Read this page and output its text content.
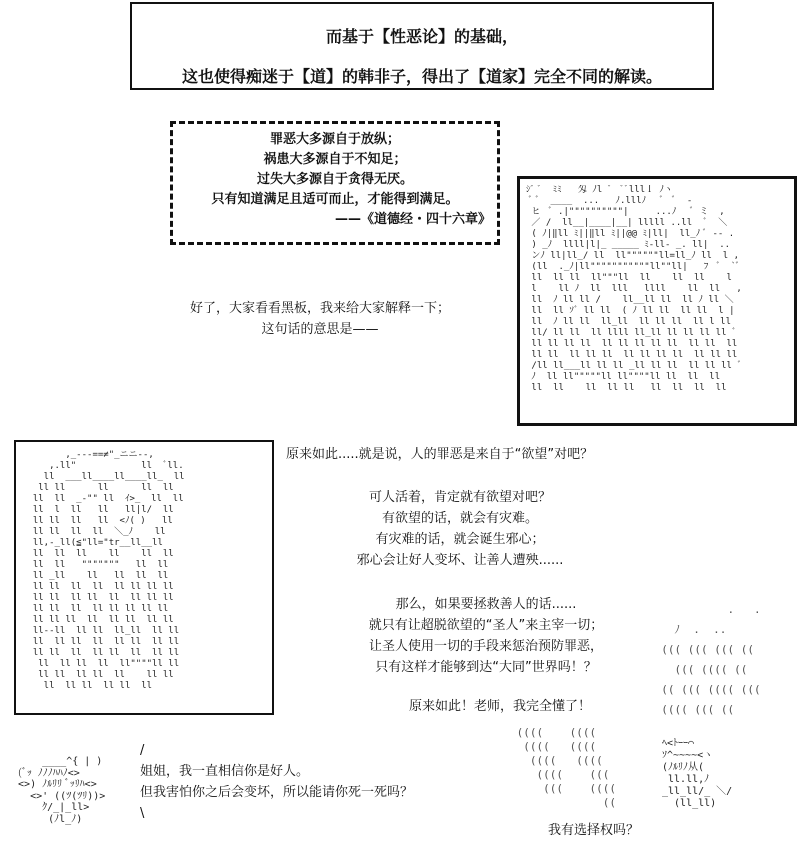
而基于【性恶论】的基础，
这也使得痴迷于【道】的韩非子，得出了【道家】完全不同的解读。
罪恶大多源自于放纵；
祸患大多源自于不知足；
过失大多源自于贪得无厌。
只有知道满足且适可而止，才能得到满足。
——《道德经・四十六章》
好了，大家看看黑板，我来给大家解释一下；
这句话的意思是——
ｼﾞ ﾞ  ﾐﾐ   匁 ﾉl ﾞ  ﾞﾞlllｌ ﾉヽ
ﾞ ﾞ  ____  ...   ﾉ.lllﾉ   ﾞ  ﾞ  -
ヒ  ﾞ .|""""""""""|     ...ﾉ   ﾞ ミ  ,
／ /  ll__|____|__| lllll ..ll  ﾞ  ＼
( ﾉ|‖ll ﾐ||‖ll ﾐ||@@ ﾐ|ll|  ll_ﾉ ﾞ -- .
) _ﾉ  llll|l|_ _____ ﾐ-ll- _. ll|  ..
ンﾉ ll|ll_/ ll  ll""""""ll=ll_ﾉ ll  l ,
(ll  ._ﾉ|ll"""""""""""ll""ll|   ﾌ  ﾞ  `ﾞ
ll  ll ll  ll"""ll  ll    ll  ll    l
l    ll ﾉ  ll  lll   llll    ll  ll   ,
ll  ﾉ ll ll /    ll__ll ll  ll ﾉ ll ＼
ll  ll ｿﾞ ll ll  ( ﾉ ll ll  ll ll  l |
ll  ﾉ ll ll  ll_ll  ll ll ll  ll l ll
ll/ ll ll  ll llll ll_ll ll ll ll ll ﾞ
ll ll ll ll  ll ll ll ll ll  ll ll  ll
ll ll  ll ll ll  ll ll ll ll  ll ll ll
/ll ll___ll ll ll _ll ll ll  ll ll ll ﾞ
ﾉ  ll ll"""""ll ll""""ll ll  ll  ll
ll  ll    ll  ll ll   ll  ll  ll  ll
,_---==≠"_ニニ--,
,.ll"            ll  ﾞll.
ll  ___ll____ll____ll_  ll
ll ll      ll      ll  ll
ll  ll  _-"" ll  ｲ>_  ll  ll
ll  l  ll   ll   ll|l/  ll
ll ll  ll   ll  <ﾉ( )   ll
ll ll  ll  ll  ＼_ﾉ    ll
ll,-_ll(≦"ll="tr__ll__ll
ll  ll  ll    ll    ll  ll
ll  ll   """""""   ll  ll
ll _ll    ll   ll  ll  ll
ll ll  ll  ll  ll ll ll ll
ll ll  ll ll  ll  ll ll ll
ll ll  ll  ll ll ll ll ll
ll ll ll  ll  ll ll  ll ll
ll--ll  ll ll  ll_ll  ll ll
ll  ll ll  ll  ll ll  ll ll
ll ll  ll  ll ll  ll  ll ll
ll  ll ll  ll  ll""""ll ll
ll ll  ll ll  ll    ll ll
ll  ll ll  ll ll  ll
原来如此.....就是说，人的罪恶是来自于“欲望”对吧？
可人活着，肯定就有欲望对吧？
有欲望的话，就会有灾难。
有灾难的话，就会诞生邪心；
邪心会让好人变坏、让善人遭殃......
那么，如果要拯救善人的话......
就只有让超脱欲望的“圣人”来主宰一切；
让圣人使用一切的手段来惩治预防罪恶，
只有这样才能够到达“大同”世界吗！？
原来如此！老师，我完全懂了！
.   .
ﾉ  .  ..
((( ((( ((( ((
((( (((( ((
(( ((( (((( (((
(((( ((( ((
((((    ((((
((((   ((((
((((   ((((
((((    (((
(((    ((((
((
ﾍ<ﾄｰｰ⌒
ｿ^~~~~<ヽ
(ﾉﾙﾘﾉ从(
ll.ll,ﾉ
_ll_ll/_ ＼/
(ll_ll)
____^{ | )
(ﾞｯ ﾉﾉﾉﾊﾊﾉ<>
<>) ﾉﾙﾘﾘ ﾞｯﾘﾊ<>
<>' ((ﾂ(ﾂﾘ))>
ｸ/_|_ll>
(ﾉl_ﾉ)
/
姐姐，我一直相信你是好人。
但我害怕你之后会变坏，所以能请你死一死吗？
\
我有选择权吗？
